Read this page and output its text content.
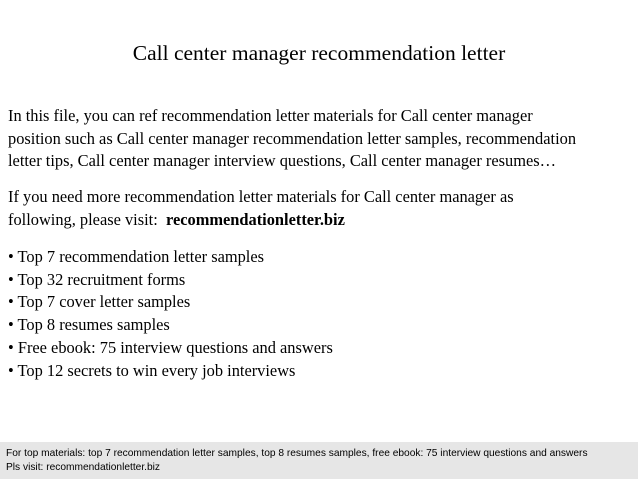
Call center manager recommendation letter

In this file, you can ref recommendation letter materials for Call center manager

position such as Call center manager recommendation letter samples, recommendation

letter tips, Call center manager interview questions, Call center manager resumes…

If you need more recommendation letter materials for Call center manager as

following, please visit: recommendationletter.biz

• Top 7 recommendation letter samples
• Top 32 recruitment forms
• Top 7 cover letter samples
• Top 8 resumes samples
• Free ebook: 75 interview questions and answers
• Top 12 secrets to win every job interviews

For top materials: top 7 recommendation letter samples, top 8 resumes samples, free ebook: 75 interview questions and answers

Pls visit: recommendationletter.biz
